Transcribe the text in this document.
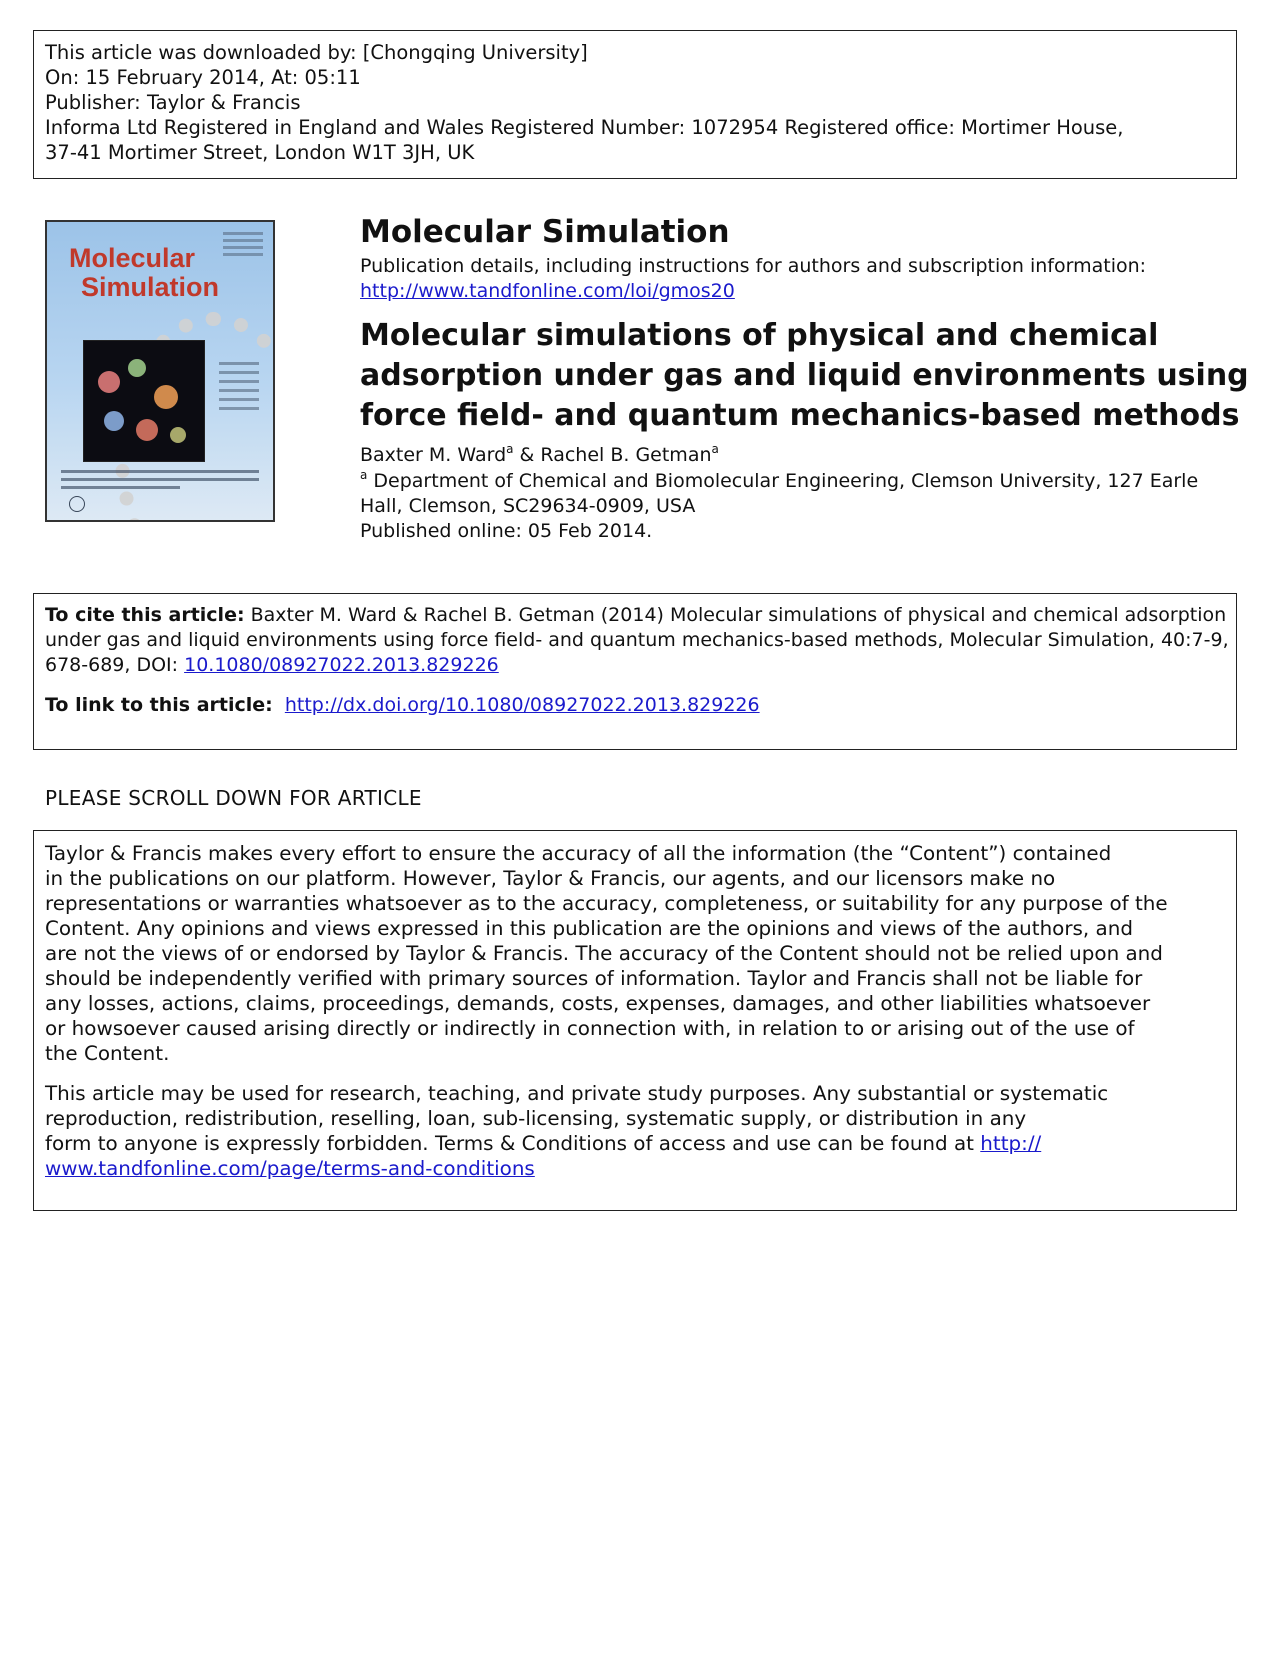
This article was downloaded by: [Chongqing University]
On: 15 February 2014, At: 05:11
Publisher: Taylor & Francis
Informa Ltd Registered in England and Wales Registered Number: 1072954 Registered office: Mortimer House,
37-41 Mortimer Street, London W1T 3JH, UK
Molecular
Simulation
Molecular Simulation
Publication details, including instructions for authors and subscription information:
http://www.tandfonline.com/loi/gmos20
Molecular simulations of physical and chemical
adsorption under gas and liquid environments using
force field- and quantum mechanics-based methods
Baxter M. Ward$^a$ & Rachel B. Getman$^a$
$^a$ Department of Chemical and Biomolecular Engineering, Clemson University, 127 Earle
Hall, Clemson, SC29634-0909, USA
Published online: 05 Feb 2014.
To cite this article: Baxter M. Ward & Rachel B. Getman (2014) Molecular simulations of physical and chemical adsorption
under gas and liquid environments using force field- and quantum mechanics-based methods, Molecular Simulation, 40:7-9,
678-689, DOI: 10.1080/08927022.2013.829226
To link to this article: http://dx.doi.org/10.1080/08927022.2013.829226
PLEASE SCROLL DOWN FOR ARTICLE
Taylor & Francis makes every effort to ensure the accuracy of all the information (the “Content”) contained
in the publications on our platform. However, Taylor & Francis, our agents, and our licensors make no
representations or warranties whatsoever as to the accuracy, completeness, or suitability for any purpose of the
Content. Any opinions and views expressed in this publication are the opinions and views of the authors, and
are not the views of or endorsed by Taylor & Francis. The accuracy of the Content should not be relied upon and
should be independently verified with primary sources of information. Taylor and Francis shall not be liable for
any losses, actions, claims, proceedings, demands, costs, expenses, damages, and other liabilities whatsoever
or howsoever caused arising directly or indirectly in connection with, in relation to or arising out of the use of
the Content.
This article may be used for research, teaching, and private study purposes. Any substantial or systematic
reproduction, redistribution, reselling, loan, sub-licensing, systematic supply, or distribution in any
form to anyone is expressly forbidden. Terms & Conditions of access and use can be found at http://
www.tandfonline.com/page/terms-and-conditions
